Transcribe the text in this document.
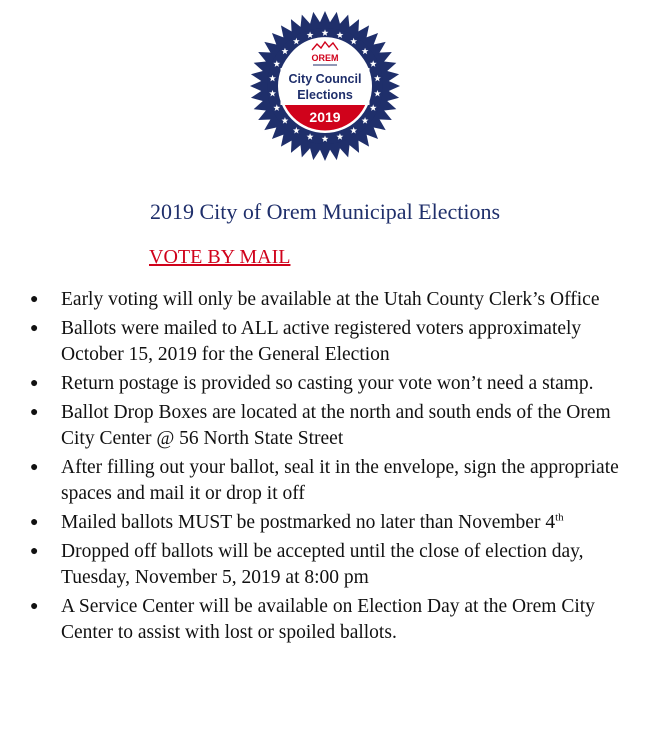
OREM
City Council
Elections
2019
2019 City of Orem Municipal Elections
VOTE BY MAIL
● Early voting will only be available at the Utah County Clerk’s Office
● Ballots were mailed to ALL active registered voters approximately October 15, 2019 for the General Election
● Return postage is provided so casting your vote won’t need a stamp.
● Ballot Drop Boxes are located at the north and south ends of the Orem City Center @ 56 North State Street
● After filling out your ballot, seal it in the envelope, sign the appropriate spaces and mail it or drop it off
● Mailed ballots MUST be postmarked no later than November 4th
● Dropped off ballots will be accepted until the close of election day, Tuesday, November 5, 2019 at 8:00 pm
● A Service Center will be available on Election Day at the Orem City Center to assist with lost or spoiled ballots.
